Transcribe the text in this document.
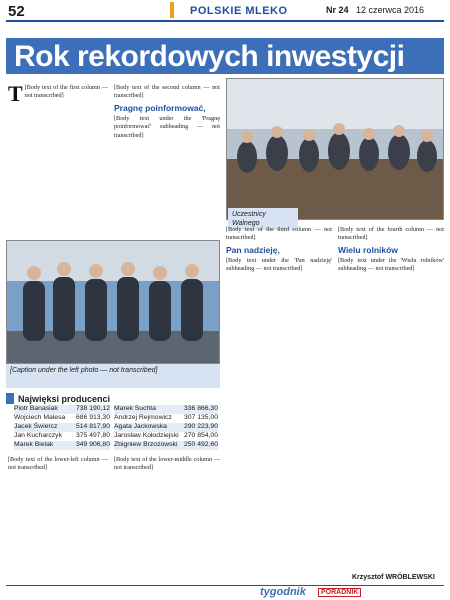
52	POLSKIE MLEKO	Nr 24 12 czerwca 2016
Rok rekordowych inwestycji
T [Body text of the first column — not transcribed]
[Body text of the second column — not transcribed]
Pragnę poinformować,
[Body text under the 'Pragnę poinformować' subheading — not transcribed]
Uczestnicy Walnego
[Body text of the third column — not transcribed]
Pan nadzieję,
[Body text under the 'Pan nadzieję' subheading — not transcribed]
[Body text of the fourth column — not transcribed]
Wielu rolników
[Body text under the 'Wielu rolników' subheading — not transcribed]
[Caption under the left photo — not transcribed]
Najwięksi producenci
Piotr Banasiak	738 190,12
Wojciech Malesa 686 913,30
Jacek Świercz	514 817,90
Jan Kucharczyk 375 497,80
Marek Bielak	349 906,80
Marek Suchta	336 866,30
Andrzej Rejmowicz 307 135,00
Agata Jackowska	290 223,90
Jarosław Kołodziejski 270 854,00
Zbigniew Brzozowski 250 492,60
[Body text of the lower-left column — not transcribed]
[Body text of the lower-middle column — not transcribed]
Krzysztof WRÓBLEWSKI
tygodnik	PORADNIK
